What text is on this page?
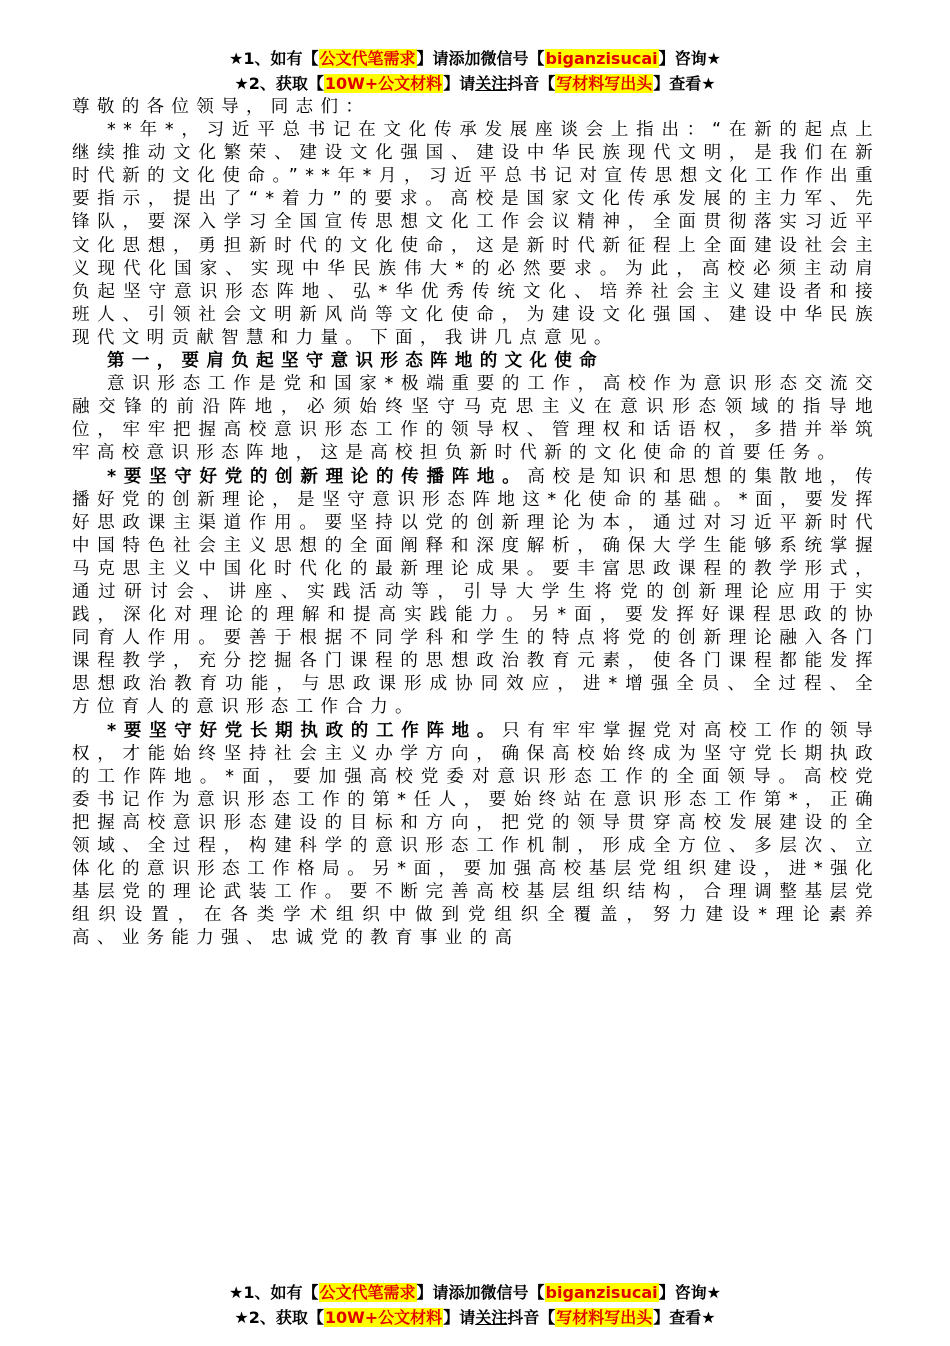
★1、如有【公文代笔需求】请添加微信号【biganzisucai】咨询★
★2、获取【10W+公文材料】请关注抖音【写材料写出头】查看★

尊敬的各位领导，同志们：

**年*，习近平总书记在文化传承发展座谈会上指出：“在新的起点上继续推动文化繁荣、建设文化强国、建设中华民族现代文明，是我们在新时代新的文化使命。”**年*月，习近平总书记对宣传思想文化工作作出重要指示，提出了“*着力”的要求。高校是国家文化传承发展的主力军、先锋队，要深入学习全国宣传思想文化工作会议精神，全面贯彻落实习近平文化思想，勇担新时代的文化使命，这是新时代新征程上全面建设社会主义现代化国家、实现中华民族伟大*的必然要求。为此，高校必须主动肩负起坚守意识形态阵地、弘*华优秀传统文化、培养社会主义建设者和接班人、引领社会文明新风尚等文化使命，为建设文化强国、建设中华民族现代文明贡献智慧和力量。下面，我讲几点意见。

第一，要肩负起坚守意识形态阵地的文化使命

意识形态工作是党和国家*极端重要的工作，高校作为意识形态交流交融交锋的前沿阵地，必须始终坚守马克思主义在意识形态领域的指导地位，牢牢把握高校意识形态工作的领导权、管理权和话语权，多措并举筑牢高校意识形态阵地，这是高校担负新时代新的文化使命的首要任务。

*要坚守好党的创新理论的传播阵地。高校是知识和思想的集散地，传播好党的创新理论，是坚守意识形态阵地这*化使命的基础。*面，要发挥好思政课主渠道作用。要坚持以党的创新理论为本，通过对习近平新时代中国特色社会主义思想的全面阐释和深度解析，确保大学生能够系统掌握马克思主义中国化时代化的最新理论成果。要丰富思政课程的教学形式，通过研讨会、讲座、实践活动等，引导大学生将党的创新理论应用于实践，深化对理论的理解和提高实践能力。另*面，要发挥好课程思政的协同育人作用。要善于根据不同学科和学生的特点将党的创新理论融入各门课程教学，充分挖掘各门课程的思想政治教育元素，使各门课程都能发挥思想政治教育功能，与思政课形成协同效应，进*增强全员、全过程、全方位育人的意识形态工作合力。

*要坚守好党长期执政的工作阵地。只有牢牢掌握党对高校工作的领导权，才能始终坚持社会主义办学方向，确保高校始终成为坚守党长期执政的工作阵地。*面，要加强高校党委对意识形态工作的全面领导。高校党委书记作为意识形态工作的第*任人，要始终站在意识形态工作第*，正确把握高校意识形态建设的目标和方向，把党的领导贯穿高校发展建设的全领域、全过程，构建科学的意识形态工作机制，形成全方位、多层次、立体化的意识形态工作格局。另*面，要加强高校基层党组织建设，进*强化基层党的理论武装工作。要不断完善高校基层组织结构，合理调整基层党组织设置，在各类学术组织中做到党组织全覆盖，努力建设*理论素养高、业务能力强、忠诚党的教育事业的高

★1、如有【公文代笔需求】请添加微信号【biganzisucai】咨询★
★2、获取【10W+公文材料】请关注抖音【写材料写出头】查看★
